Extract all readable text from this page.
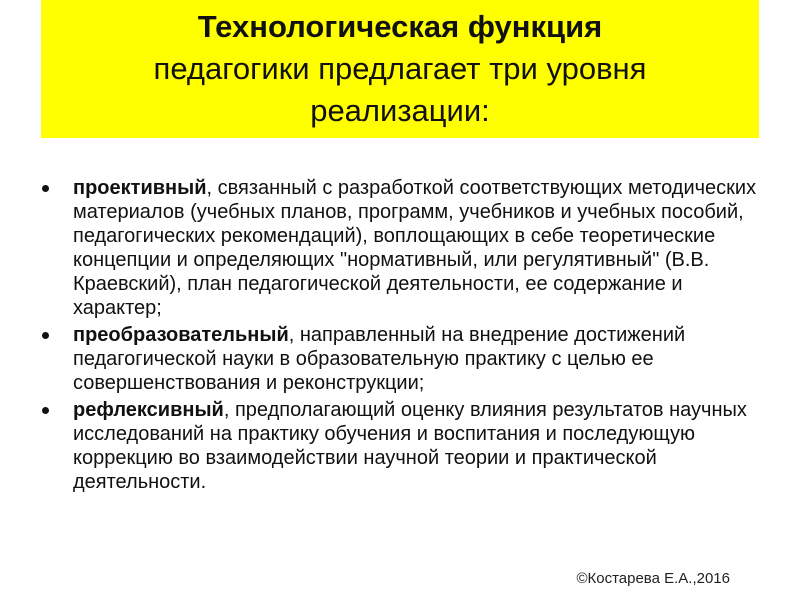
Технологическая функция
педагогики предлагает три уровня
реализации:
проективный, связанный с разработкой соответствующих методических материалов (учебных планов, программ, учебников и учебных пособий, педагогических рекомендаций), воплощающих в себе теоретические концепции и определяющих "нормативный, или регулятивный" (В.В. Краевский), план педагогической деятельности, ее содержание и характер;
преобразовательный, направленный на внедрение достижений педагогической науки в образовательную практику с целью ее совершенствования и реконструкции;
рефлексивный, предполагающий оценку влияния результатов научных исследований на практику обучения и воспитания и последующую коррекцию во взаимодействии научной теории и практической деятельности.
©Костарева Е.А.,2016
